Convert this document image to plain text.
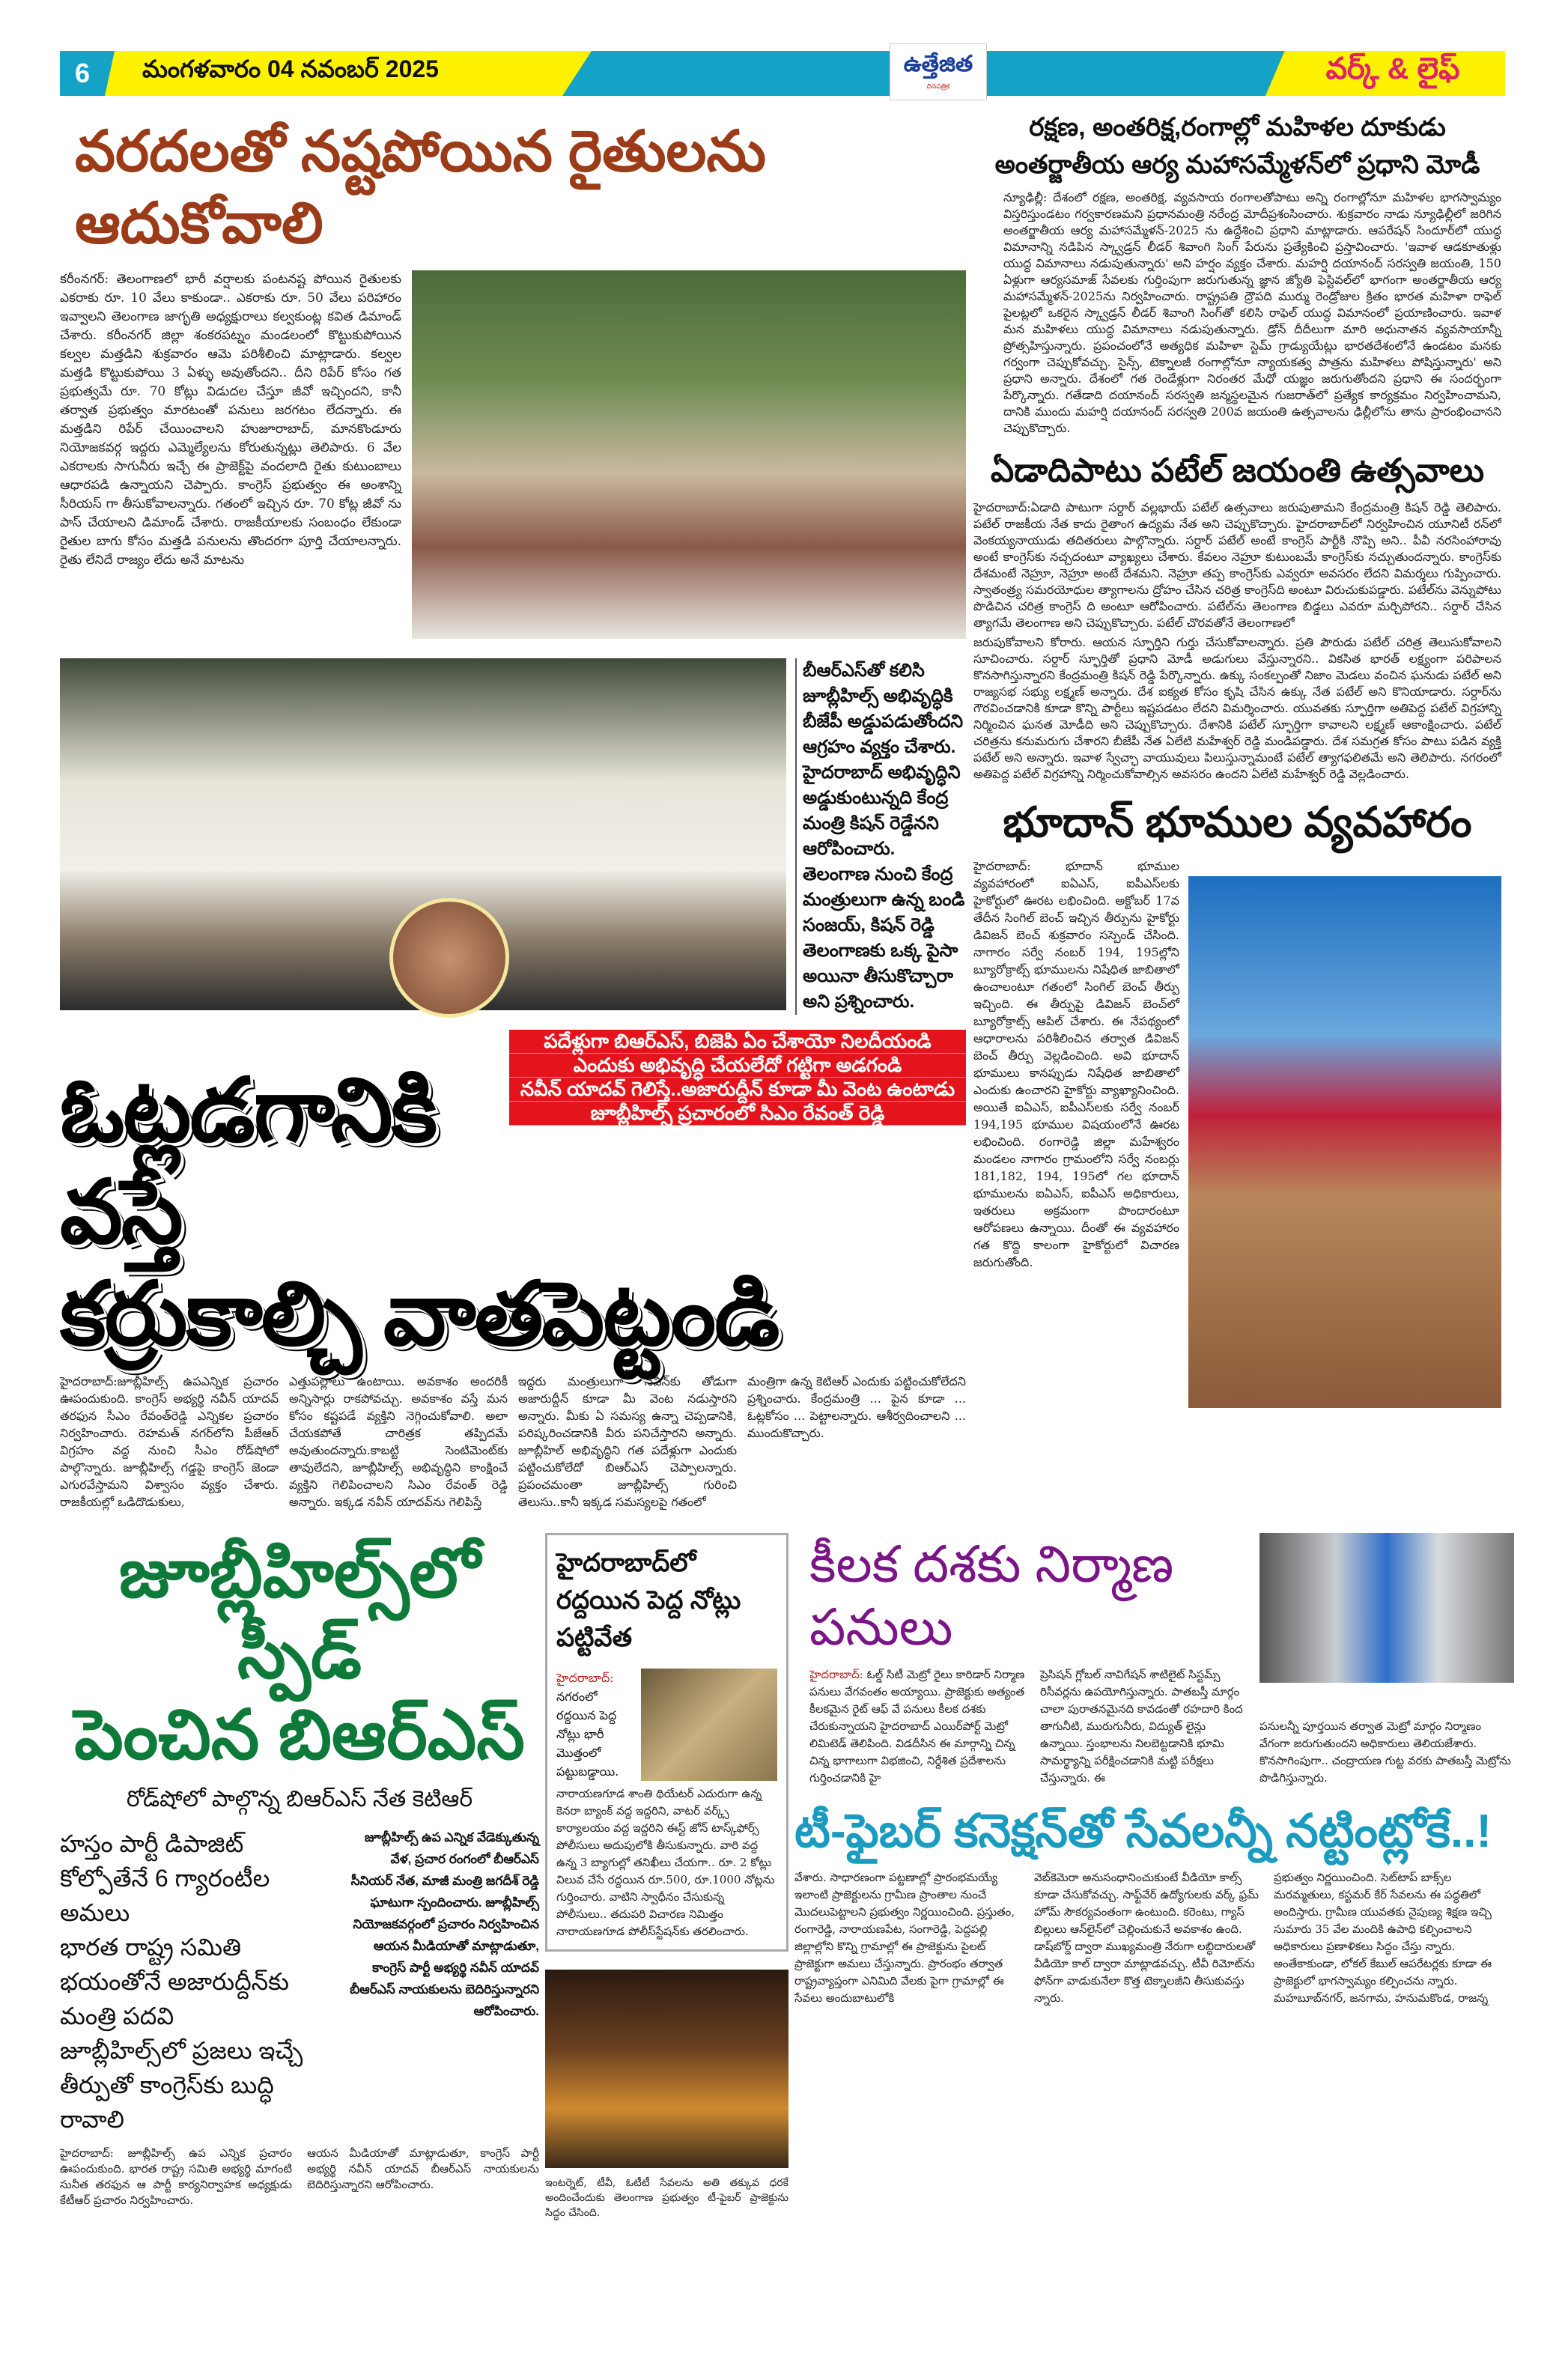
6	మంగళవారం 04 నవంబర్ 2025	ఉత్తేజిత
దినపత్రిక
వర్క్ & లైఫ్
వరదలతో నష్టపోయిన రైతులను ఆదుకోవాలి
కరీంనగర్: తెలంగాణలో భారీ వర్షాలకు పంటనష్ట పోయిన రైతులకు ఎకరాకు రూ. 10 వేలు కాకుండా.. ఎకరాకు రూ. 50 వేలు పరిహారం ఇవ్వాలని తెలంగాణ జాగృతి అధ్యక్షురాలు కల్వకుంట్ల కవిత డిమాండ్ చేశారు. కరీంనగర్ జిల్లా శంకరపట్నం మండలంలో కొట్టుకుపోయిన కల్వల మత్తడిని శుక్రవారం ఆమె పరిశీలించి మాట్లాడారు. కల్వల మత్తడి కొట్టుకుపోయి 3 ఏళ్ళు అవుతోందని.. దీని రిపేర్ కోసం గత ప్రభుత్వమే రూ. 70 కోట్లు విడుదల చేస్తూ జీవో ఇచ్చిందని, కానీ తర్వాత ప్రభుత్వం మారటంతో పనులు జరగటం లేదన్నారు. ఈ మత్తడిని రిపేర్ చేయించాలని హుజూరాబాద్, మానకొండూరు నియోజకవర్గ ఇద్దరు ఎమ్మెల్యేలను కోరుతున్నట్లు తెలిపారు. 6 వేల ఎకరాలకు సాగునీరు ఇచ్చే ఈ ప్రాజెక్ట్‌పై వందలాది రైతు కుటుంబాలు ఆధారపడి ఉన్నాయని చెప్పారు. కాంగ్రెస్ ప్రభుత్వం ఈ అంశాన్ని సీరియస్ గా తీసుకోవాలన్నారు. గతంలో ఇచ్చిన రూ. 70 కోట్ల జీవో ను పాస్ చేయాలని డిమాండ్ చేశారు. రాజకీయాలకు సంబంధం లేకుండా రైతుల బాగు కోసం మత్తడి పనులను తొందరగా పూర్తి చేయాలన్నారు. రైతు లేనిదే రాజ్యం లేదు అనే మాటను
బీఆర్ఎస్‌తో కలిసి జూబ్లీహిల్స్ అభివృద్ధికి బీజేపీ అడ్డుపడుతోందని ఆగ్రహం వ్యక్తం చేశారు. హైదరాబాద్ అభివృద్ధిని అడ్డుకుంటున్నది కేంద్ర మంత్రి కిషన్ రెడ్డేనని ఆరోపించారు. తెలంగాణ నుంచి కేంద్ర మంత్రులుగా ఉన్న బండి సంజయ్, కిషన్ రెడ్డి తెలంగాణకు ఒక్క పైసా అయినా తీసుకొచ్చారా అని ప్రశ్నించారు.
పదేళ్లుగా బిఆర్ఎస్, బిజెపి ఏం చేశాయో నిలదీయండి
ఎందుకు అభివృద్ధి చేయలేదో గట్టిగా అడగండి
నవీన్ యాదవ్ గెలిస్తే..అజారుద్దీన్ కూడా మీ వెంట ఉంటాడు
జూబ్లీహిల్స్ ప్రచారంలో సిఎం రేవంత్ రెడ్డి
ఓట్లడగానికి వస్తే
కర్రుకాల్చి వాతపెట్టండి
హైదరాబాద్:జూబ్లీహిల్స్ ఉపఎన్నిక ప్రచారం ఊపందుకుంది. కాంగ్రెస్ అభ్యర్థి నవీన్ యాదవ్ తరఫున సీఎం రేవంత్‌రెడ్డి ఎన్నికల ప్రచారం నిర్వహించారు. రెహమత్ నగర్‌లోని పీజేఆర్ విగ్రహం వద్ద నుంచి సీఎం రోడ్‌షోలో పాల్గొన్నారు. జూబ్లీహిల్స్ గడ్డపై కాంగ్రెస్ జెండా ఎగురవేస్తామని విశ్వాసం వ్యక్తం చేశారు. రాజకీయల్లో ఒడిదొడుకులు,
ఎత్తుపల్లాలు ఉంటాయి. అవకాశం అందరికీ అన్నిసార్లు రాకపోవచ్చు. అవకాశం వస్తే మన కోసం కష్టపడే వ్యక్తిని నెగ్గించుకోవాలి. అలా చేయకపోతే చారిత్రక తప్పిదమే అవుతుందన్నారు.కాబట్టి సెంటిమెంట్‌కు తావులేదని, జూబ్లీహిల్స్ అభివృద్ధిని కాంక్షించే వ్యక్తిని గెలిపించాలని సిఎం రేవంత్ రెడ్డి అన్నారు. ఇక్కడ నవీన్ యాదవ్‌ను గెలిపిస్తే
ఇద్దరు మంత్రులుగా నవీన్‌కు తోడుగా అజారుద్దీన్ కూడా మీ వెంట నడుస్తారని అన్నారు. మీకు ఏ సమస్య ఉన్నా చెప్పడానికి, పరిష్కరించడానికి వీరు పనిచేస్తారని అన్నారు. జూబ్లీహిల్ అభివృద్ధిని గత పదేళ్లుగా ఎందుకు పట్టించుకోలేదో బిఆర్ఎస్ చెప్పాలన్నారు. ప్రపంచమంతా జూబ్లీహిల్స్ గురించి తెలుసు..కానీ ఇక్కడ సమస్యలపై గతంలో
మంత్రిగా ఉన్న కెటిఆర్ ఎందుకు పట్టించుకోలేదని ప్రశ్నించారు. కేంద్రమంత్రి ... పైన కూడా ... ఓట్లకోసం ... పెట్టాలన్నారు. ఆశీర్వదించాలని ... ముందుకొచ్చారు.
రక్షణ, అంతరిక్ష,రంగాల్లో మహిళల దూకుడు
అంతర్జాతీయ ఆర్య మహాసమ్మేళన్‌లో ప్రధాని మోడీ
న్యూఢిల్లీ: దేశంలో రక్షణ, అంతరిక్ష, వ్యవసాయ రంగాలతోపాటు అన్ని రంగాల్లోనూ మహిళల భాగస్వామ్యం విస్తరిస్తుండటం గర్వకారణమని ప్రధానమంత్రి నరేంద్ర మోదీప్రశంసించారు. శుక్రవారం నాడు న్యూఢిల్లీలో జరిగిన అంతర్జాతీయ ఆర్య మహాసమ్మేళన్-2025 ను ఉద్దేశించి ప్రధాని మాట్లాడారు. ఆపరేషన్ సిందూర్‌లో యుద్ధ విమానాన్ని నడిపిన స్క్వాడ్రన్ లీడర్ శివాంగి సింగ్ పేరును ప్రత్యేకించి ప్రస్తావించారు. 'ఇవాళ ఆడకూతుళ్లు యుద్ధ విమానాలు నడుపుతున్నారు' అని హర్షం వ్యక్తం చేశారు. మహర్షి దయానంద్ సరస్వతి జయంతి, 150 ఏళ్లుగా ఆర్యసమాజ్ సేవలకు గుర్తింపుగా జరుగుతున్న జ్ఞాన జ్యోతి ఫెస్టివల్‌లో భాగంగా అంతర్జాతీయ ఆర్య మహాసమ్మేళన్-2025ను నిర్వహించారు. రాష్ట్రపతి ద్రౌపది ముర్ము రెండ్రోజుల క్రితం భారత మహిళా రాఫెల్ పైలట్లలో ఒకరైన స్క్వాడ్రన్ లీడర్ శివాంగి సింగ్‌తో కలిసి రాఫెల్ యుద్ధ విమానంలో ప్రయాణించారు. ఇవాళ మన మహిళలు యుద్ధ విమానాలు నడుపుతున్నారు. డ్రోన్ దీదీలుగా మారి అధునాతన వ్యవసాయాన్నీ ప్రోత్సహిస్తున్నారు. ప్రపంచంలోనే అత్యధిక మహిళా స్టెమ్ గ్రాడ్యుయేట్లు భారతదేశంలోనే ఉండటం మనకు గర్వంగా చెప్పుకోవచ్చు. సైన్స్, టెక్నాలజీ రంగాల్లోనూ న్యాయకత్వ పాత్రను మహిళలు పోషిస్తున్నారు' అని ప్రధాని అన్నారు. దేశంలో గత రెండేళ్లుగా నిరంతర మేధో యజ్ఞం జరుగుతోందని ప్రధాని ఈ సందర్భంగా పేర్కొన్నారు. గతేడాది దయానంద్ సరస్వతి జన్మస్థలమైన గుజరాత్‌లో ప్రత్యేక కార్యక్రమం నిర్వహించామని, దానికి ముందు మహర్షి దయానంద్ సరస్వతి 200వ జయంతి ఉత్సవాలను ఢిల్లీలోను తాను ప్రారంభించానని చెప్పుకొచ్చారు.
ఏడాదిపాటు పటేల్ జయంతి ఉత్సవాలు
హైదరాబాద్:ఏడాది పాటుగా సర్దార్ వల్లభాయ్ పటేల్ ఉత్సవాలు జరుపుతామని కేంద్రమంత్రి కిషన్ రెడ్డి తెలిపారు. పటేల్ రాజకీయ నేత కాదు రైతాంగ ఉద్యమ నేత అని చెప్పుకొచ్చారు. హైదరాబాద్‌లో నిర్వహించిన యూనిటీ రన్‌లో వెంకయ్యనాయుడు తదితరులు పాల్గొన్నారు. సర్దార్ పటేల్ అంటే కాంగ్రెస్ పార్టీకి నొప్పి అని.. పీవీ నరసింహారావు అంటే కాంగ్రెస్‌కు నచ్చదంటూ వ్యాఖ్యలు చేశారు. కేవలం నెహ్రూ కుటుంబమే కాంగ్రెస్‌కు నచ్చుతుందన్నారు. కాంగ్రెస్‌కు దేశమంటే నెహ్రూ, నెహ్రూ అంటే దేశమని. నెహ్రూ తప్ప కాంగ్రెస్‌కు ఎవ్వరూ అవసరం లేదని విమర్శలు గుప్పించారు. స్వాతంత్ర్య సమరయోధుల త్యాగాలను ద్రోహం చేసిన చరిత్ర కాంగ్రెస్‌ది అంటూ విరుచుకుపడ్డారు. పటేల్‌ను వెన్నుపోటు పొడిచిన చరిత్ర కాంగ్రెస్ ది అంటూ ఆరోపించారు. పటేల్‌ను తెలంగాణ బిడ్డలు ఎవరూ మర్చిపోరని.. సర్దార్ చేసిన త్యాగమే తెలంగాణ అని చెప్పుకొచ్చారు. పటేల్ చొరవతోనే తెలంగాణలో
జరుపుకోవాలని కోరారు. ఆయన స్ఫూర్తిని గుర్తు చేసుకోవాలన్నారు. ప్రతి పౌరుడు పటేల్ చరిత్ర తెలుసుకోవాలని సూచించారు. సర్దార్ స్ఫూర్తితో ప్రధాని మోడీ అడుగులు వేస్తున్నారని.. వికసిత భారత్ లక్ష్యంగా పరిపాలన కొనసాగిస్తున్నారని కేంద్రమంత్రి కిషన్ రెడ్డి పేర్కొన్నారు. ఉక్కు సంకల్పంతో నిజాం మెడలు వంచిన ఘనుడు పటేల్ అని రాజ్యసభ సభ్యు లక్ష్మణ్ అన్నారు. దేశ ఐక్యత కోసం కృషి చేసిన ఉక్కు నేత పటేల్ అని కొనియాడారు. సర్దార్‌ను గౌరవించడానికి కూడా కొన్ని పార్టీలు ఇష్టపడటం లేదని విమర్శించారు. యువతకు స్ఫూర్తిగా అతిపెద్ద పటేల్ విగ్రహాన్ని నిర్మించిన ఘనత మోడీది అని చెప్పుకొచ్చారు. దేశానికి పటేల్ స్ఫూర్తిగా కావాలని లక్ష్మణ్ ఆకాంక్షించారు. పటేల్ చరిత్రను కనుమరుగు చేశారని బీజేపీ నేత ఏలేటి మహేశ్వర్ రెడ్డి మండిపడ్డారు. దేశ సమగ్రత కోసం పాటు పడిన వ్యక్తి పటేల్ అని అన్నారు. ఇవాళ స్వేచ్ఛా వాయువులు పిలుస్తున్నామంటే పటేల్ త్యాగఫలితమే అని తెలిపారు. నగరంలో అతిపెద్ద పటేల్ విగ్రహాన్ని నిర్మించుకోవాల్సిన అవసరం ఉందని ఏలేటి మహేశ్వర్ రెడ్డి వెల్లడించారు.
భూదాన్ భూముల వ్యవహారం
హైదరాబాద్: భూదాన్ భూముల వ్యవహారంలో ఐఏఎస్, ఐపీఎస్‌లకు హైకోర్టులో ఊరట లభించింది. అక్టోబర్ 17వ తేదీన సింగిల్ బెంచ్ ఇచ్చిన తీర్పును హైకోర్టు డివిజన్ బెంచ్ శుక్రవారం సస్పెండ్ చేసింది. నాగారం సర్వే నంబర్ 194, 195ల్లోని బ్యూరోక్రాట్స్ భూములను నిషేధిత జాబితాలో ఉంచాలంటూ గతంలో సింగిల్ బెంచ్ తీర్పు ఇచ్చింది. ఈ తీర్పుపై డివిజన్ బెంచ్‌లో బ్యూరోక్రాట్స్ ఆపిల్ చేశారు. ఈ నేపథ్యంలో ఆధారాలను పరిశీలించిన తర్వాత డివిజన్ బెంచ్ తీర్పు వెల్లడించింది. అవి భూదాన్ భూములు కానప్పుడు నిషేధిత జాబితాలో ఎందుకు ఉంచారని హైకోర్టు వ్యాఖ్యానించింది. అయితే ఐఏఎస్, ఐపీఎస్‌లకు సర్వే నంబర్ 194,195 భూముల విషయంలోనే ఊరట లభించింది. రంగారెడ్డి జిల్లా మహేశ్వరం మండలం నాగారం గ్రామంలోని సర్వే నంబర్లు 181,182, 194, 195లో గల భూదాన్ భూములను ఐఏఎస్, ఐపీఎస్ అధికారులు, ఇతరులు అక్రమంగా పొందారంటూ ఆరోపణలు ఉన్నాయి. దీంతో ఈ వ్యవహారం గత కొద్ది కాలంగా హైకోర్టులో విచారణ జరుగుతోంది.
జూబ్లీహిల్స్‌లో స్పీడ్
పెంచిన బిఆర్ఎస్
రోడ్‌షోలో పాల్గొన్న బిఆర్ఎస్ నేత కెటిఆర్
హస్తం పార్టీ డిపాజిట్ కోల్పోతేనే 6 గ్యారంటీల అమలు
భారత రాష్ట్ర సమితి భయంతోనే అజారుద్దీన్‌కు మంత్రి పదవి
జూబ్లీహిల్స్‌లో ప్రజలు ఇచ్చే తీర్పుతో కాంగ్రెస్‌కు బుద్ధి రావాలి
జూబ్లీహిల్స్ ఉప ఎన్నిక వేడెక్కుతున్న వేళ, ప్రచార రంగంలో బీఆర్ఎస్ సీనియర్ నేత, మాజీ మంత్రి జగదీశ్ రెడ్డి ఘాటుగా స్పందించారు. జూబ్లీహిల్స్ నియోజకవర్గంలో ప్రచారం నిర్వహించిన ఆయన మీడియాతో మాట్లాడుతూ, కాంగ్రెస్ పార్టీ అభ్యర్థి నవీన్ యాదవ్ బీఆర్ఎస్ నాయకులను బెదిరిస్తున్నారని ఆరోపించారు.
హైదరాబాద్: జూబ్లీహిల్స్ ఉప ఎన్నిక ప్రచారం ఊపందుకుంది. భారత రాష్ట్ర సమితి అభ్యర్థి మాగంటి సునీత తరఫున ఆ పార్టీ కార్యనిర్వాహక అధ్యక్షుడు కేటీఆర్ ప్రచారం నిర్వహించారు.
ఆయన మీడియాతో మాట్లాడుతూ, కాంగ్రెస్ పార్టీ అభ్యర్థి నవీన్ యాదవ్ బీఆర్ఎస్ నాయకులను బెదిరిస్తున్నారని ఆరోపించారు.
హైదరాబాద్‌లో రద్దయిన పెద్ద నోట్లు పట్టివేత
హైదరాబాద్: నగరంలో రద్దయిన పెద్ద నోట్లు భారీ మొత్తంలో పట్టుబడ్డాయి.
నారాయణగూడ శాంతి థియేటర్ ఎదురుగా ఉన్న కెనరా బ్యాంక్ వద్ద ఇద్దరిని, వాటర్ వర్క్స్ కార్యాలయం వద్ద ఇద్దరిని ఈస్ట్ జోన్ టాస్క్‌ఫోర్స్ పోలీసులు అదుపులోకి తీసుకున్నారు. వారి వద్ద ఉన్న 3 బ్యాగుల్లో తనిఖీలు చేయగా.. రూ. 2 కోట్లు విలువ చేసే రద్దయిన రూ.500, రూ.1000 నోట్లను గుర్తించారు. వాటిని స్వాధీనం చేసుకున్న పోలీసులు.. తదుపరి విచారణ నిమిత్తం నారాయణగూడ పోలీస్‌స్టేషన్‌కు తరలించారు.
ఇంటర్నెట్, టీవీ, ఓటీటీ సేవలను అతి తక్కువ ధరకే అందించేందుకు తెలంగాణ ప్రభుత్వం టీ-ఫైబర్ ప్రాజెక్టును సిద్ధం చేసింది.
కీలక దశకు నిర్మాణ పనులు
హైదరాబాద్: ఓల్డ్ సిటీ మెట్రో రైలు కారిడార్ నిర్మాణ పనులు వేగవంతం అయ్యాయి. ప్రాజెక్టుకు అత్యంత కీలకమైన రైట్ ఆఫ్ వే పనులు కీలక దశకు చేరుకున్నాయని హైదరాబాద్ ఎయిర్‌పోర్ట్ మెట్రో లిమిటెడ్ తెలిపింది. విడదీసిన ఈ మార్గాన్ని చిన్న చిన్న భాగాలుగా విభజించి, నిర్దేశిత ప్రదేశాలను గుర్తించడానికి హై
ప్రెసిషన్ గ్లోబల్ నావిగేషన్ శాటిలైట్ సిస్టమ్స్ రిసీవర్లను ఉపయోగిస్తున్నారు. పాతబస్తీ మార్గం చాలా పురాతనమైనది కావడంతో రహదారి కింద తాగునీటి, మురుగునీరు, విద్యుత్ లైన్లు ఉన్నాయి. స్తంభాలను నిలబెట్టడానికి భూమి సామర్థ్యాన్ని పరీక్షించడానికి మట్టి పరీక్షలు చేస్తున్నారు. ఈ
పనులన్నీ పూర్తయిన తర్వాత మెట్రో మార్గం నిర్మాణం వేగంగా జరుగుతుందని అధికారులు తెలియజేశారు. కొనసాగింపుగా.. చంద్రాయణ గుట్ట వరకు పాతబస్తీ మెట్రోను పొడిగిస్తున్నారు.
టీ-ఫైబర్ కనెక్షన్‌తో సేవలన్నీ నట్టింట్లోకే..!
వేశారు. సాధారణంగా పట్టణాల్లో ప్రారంభమయ్యే ఇలాంటి ప్రాజెక్టులను గ్రామీణ ప్రాంతాల నుంచే మొదలుపెట్టాలని ప్రభుత్వం నిర్ణయించింది. ప్రస్తుతం, రంగారెడ్డి, నారాయణపేట, సంగారెడ్డి, పెద్దపల్లి జిల్లాల్లోని కొన్ని గ్రామాల్లో ఈ ప్రాజెక్టును పైలట్ ప్రాజెక్టుగా అమలు చేస్తున్నారు. ప్రారంభం తర్వాత రాష్ట్రవ్యాప్తంగా ఎనిమిది వేలకు పైగా గ్రామాల్లో ఈ సేవలు అందుబాటులోకి
వెబ్‌కెమెరా అనుసంధానించుకుంటే వీడియో కాల్స్ కూడా చేసుకోవచ్చు. సాఫ్ట్‌వేర్ ఉద్యోగులకు వర్క్ ఫ్రమ్ హోమ్ సౌకర్యవంతంగా ఉంటుంది. కరెంటు, గ్యాస్ బిల్లులు ఆన్‌లైన్‌లో చెల్లించుకునే అవకాశం ఉంది. డాష్‌బోర్డ్ ద్వారా ముఖ్యమంత్రి నేరుగా లబ్ధిదారులతో వీడియో కాల్ ద్వారా మాట్లాడవచ్చు. టీవీ రిమోట్‌ను ఫోన్‌గా వాడుకునేలా కొత్త టెక్నాలజీని తీసుకువస్తు న్నారు.
ప్రభుత్వం నిర్ణయించింది. సెట్‌టాప్ బాక్స్‌ల మరమ్మతులు, కస్టమర్ కేర్ సేవలను ఈ పద్ధతిలో అందిస్తారు. గ్రామీణ యువతకు నైపుణ్య శిక్షణ ఇచ్చి సుమారు 35 వేల మందికి ఉపాధి కల్పించాలని అధికారులు ప్రణాళికలు సిద్ధం చేస్తు న్నారు. అంతేకాకుండా, లోకల్ కేబుల్ ఆపరేటర్లకు కూడా ఈ ప్రాజెక్టులో భాగస్వామ్యం కల్పించను న్నారు. మహబూబ్‌నగర్, జనగామ, హనుమకొండ, రాజన్న
